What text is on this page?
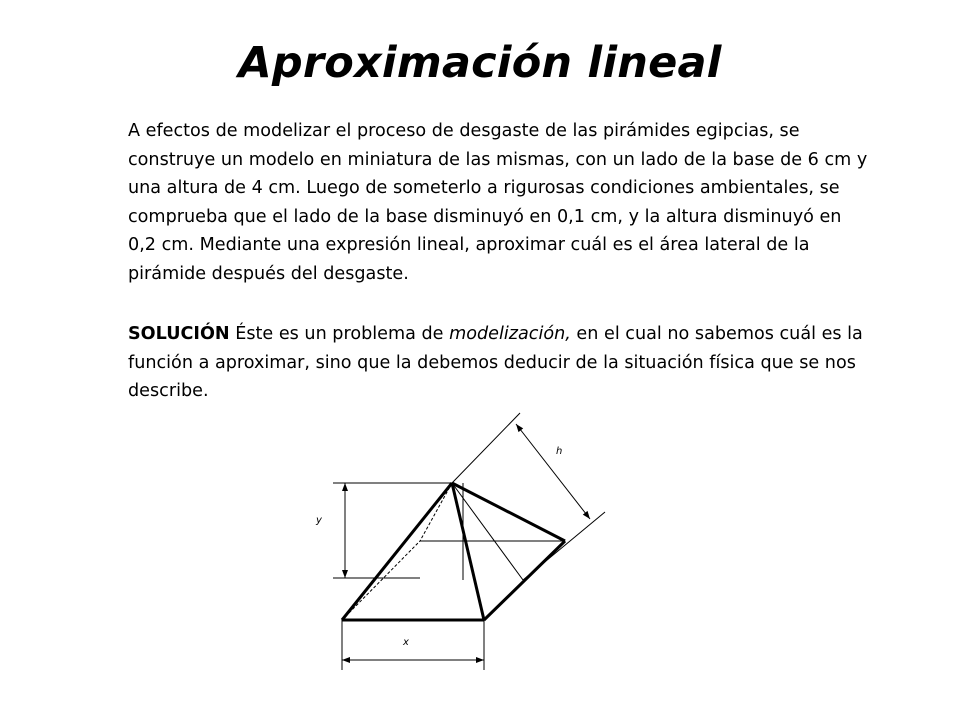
Aproximación lineal

A efectos de modelizar el proceso de desgaste de las pirámides egipcias, se construye un modelo en miniatura de las mismas, con un lado de la base de 6 cm y una altura de 4 cm. Luego de someterlo a rigurosas condiciones ambientales, se comprueba que el lado de la base disminuyó en 0,1 cm, y la altura disminuyó en 0,2 cm. Mediante una expresión lineal, aproximar cuál es el área lateral de la pirámide después del desgaste.

SOLUCIÓN Éste es un problema de modelización, en el cual no sabemos cuál es la función a aproximar, sino que la debemos deducir de la situación física que se nos describe.

y
x
h
